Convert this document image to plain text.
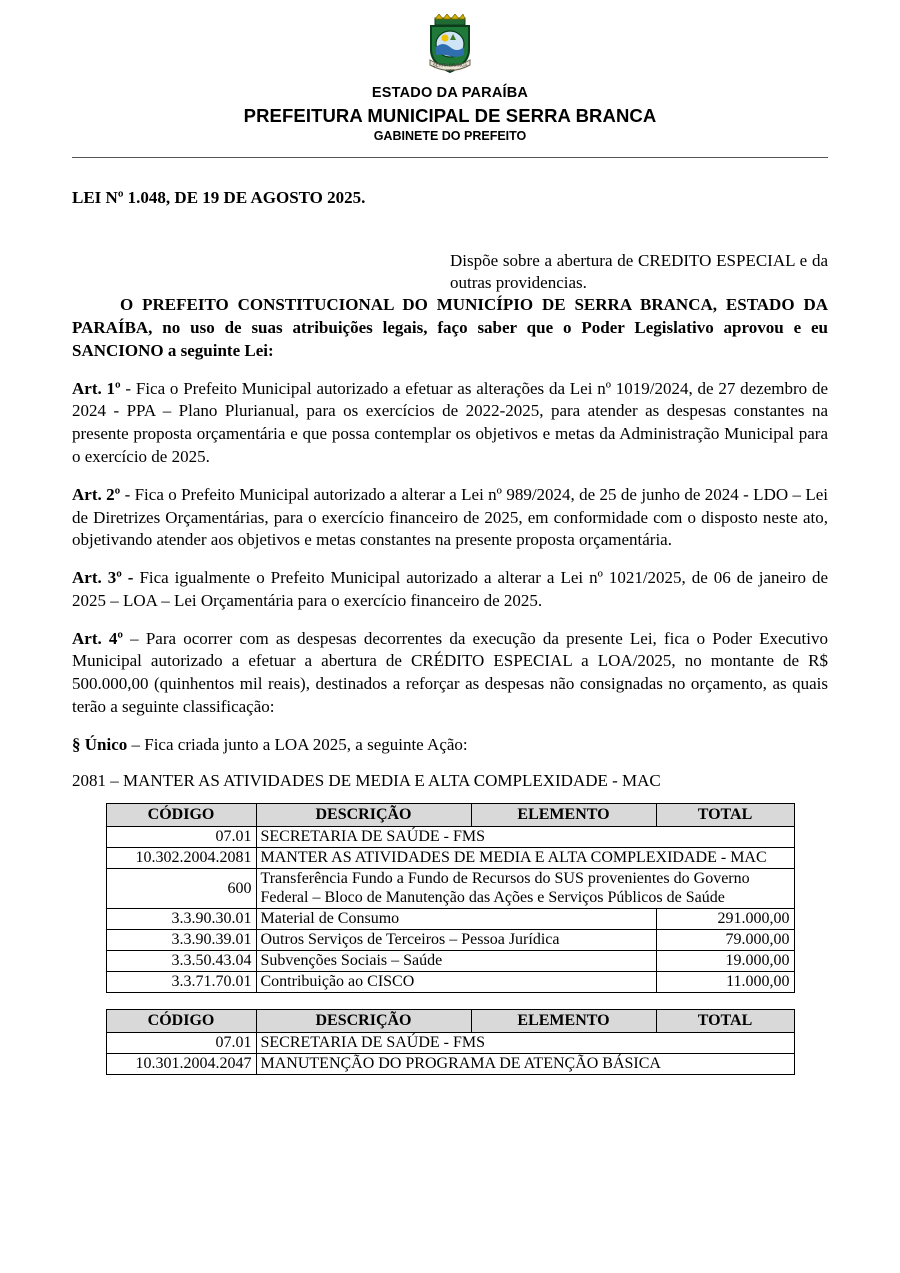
SERRA BRANCA
1959
ESTADO DA PARAÍBA
PREFEITURA MUNICIPAL DE SERRA BRANCA
GABINETE DO PREFEITO
LEI Nº 1.048, DE 19 DE AGOSTO 2025.
Dispõe sobre a abertura de CREDITO ESPECIAL e da outras providencias.

O PREFEITO CONSTITUCIONAL DO MUNICÍPIO DE SERRA BRANCA, ESTADO DA PARAÍBA, no uso de suas atribuições legais, faço saber que o Poder Legislativo aprovou e eu SANCIONO a seguinte Lei:

Art. 1º - Fica o Prefeito Municipal autorizado a efetuar as alterações da Lei nº 1019/2024, de 27 dezembro de 2024 - PPA – Plano Plurianual, para os exercícios de 2022-2025, para atender as despesas constantes na presente proposta orçamentária e que possa contemplar os objetivos e metas da Administração Municipal para o exercício de 2025.

Art. 2º - Fica o Prefeito Municipal autorizado a alterar a Lei nº 989/2024, de 25 de junho de 2024 - LDO – Lei de Diretrizes Orçamentárias, para o exercício financeiro de 2025, em conformidade com o disposto neste ato, objetivando atender aos objetivos e metas constantes na presente proposta orçamentária.

Art. 3º - Fica igualmente o Prefeito Municipal autorizado a alterar a Lei nº 1021/2025, de 06 de janeiro de 2025 – LOA – Lei Orçamentária para o exercício financeiro de 2025.

Art. 4º – Para ocorrer com as despesas decorrentes da execução da presente Lei, fica o Poder Executivo Municipal autorizado a efetuar a abertura de CRÉDITO ESPECIAL a LOA/2025, no montante de R$ 500.000,00 (quinhentos mil reais), destinados a reforçar as despesas não consignadas no orçamento, as quais terão a seguinte classificação:

§ Único – Fica criada junto a LOA 2025, a seguinte Ação:

2081 – MANTER AS ATIVIDADES DE MEDIA E ALTA COMPLEXIDADE - MAC
CÓDIGO	DESCRIÇÃO	ELEMENTO	TOTAL
07.01	SECRETARIA DE SAÚDE - FMS		
10.302.2004.2081	MANTER AS ATIVIDADES DE MEDIA E ALTA COMPLEXIDADE - MAC		
600	Transferência Fundo a Fundo de Recursos do SUS provenientes do Governo Federal – Bloco de Manutenção das Ações e Serviços Públicos de Saúde		
3.3.90.30.01	Material de Consumo		291.000,00
3.3.90.39.01	Outros Serviços de Terceiros – Pessoa Jurídica		79.000,00
3.3.50.43.04	Subvenções Sociais – Saúde		19.000,00
3.3.71.70.01	Contribuição ao CISCO		11.000,00
CÓDIGO	DESCRIÇÃO	ELEMENTO	TOTAL
07.01	SECRETARIA DE SAÚDE - FMS		
10.301.2004.2047	MANUTENÇÃO DO PROGRAMA DE ATENÇÃO BÁSICA		
